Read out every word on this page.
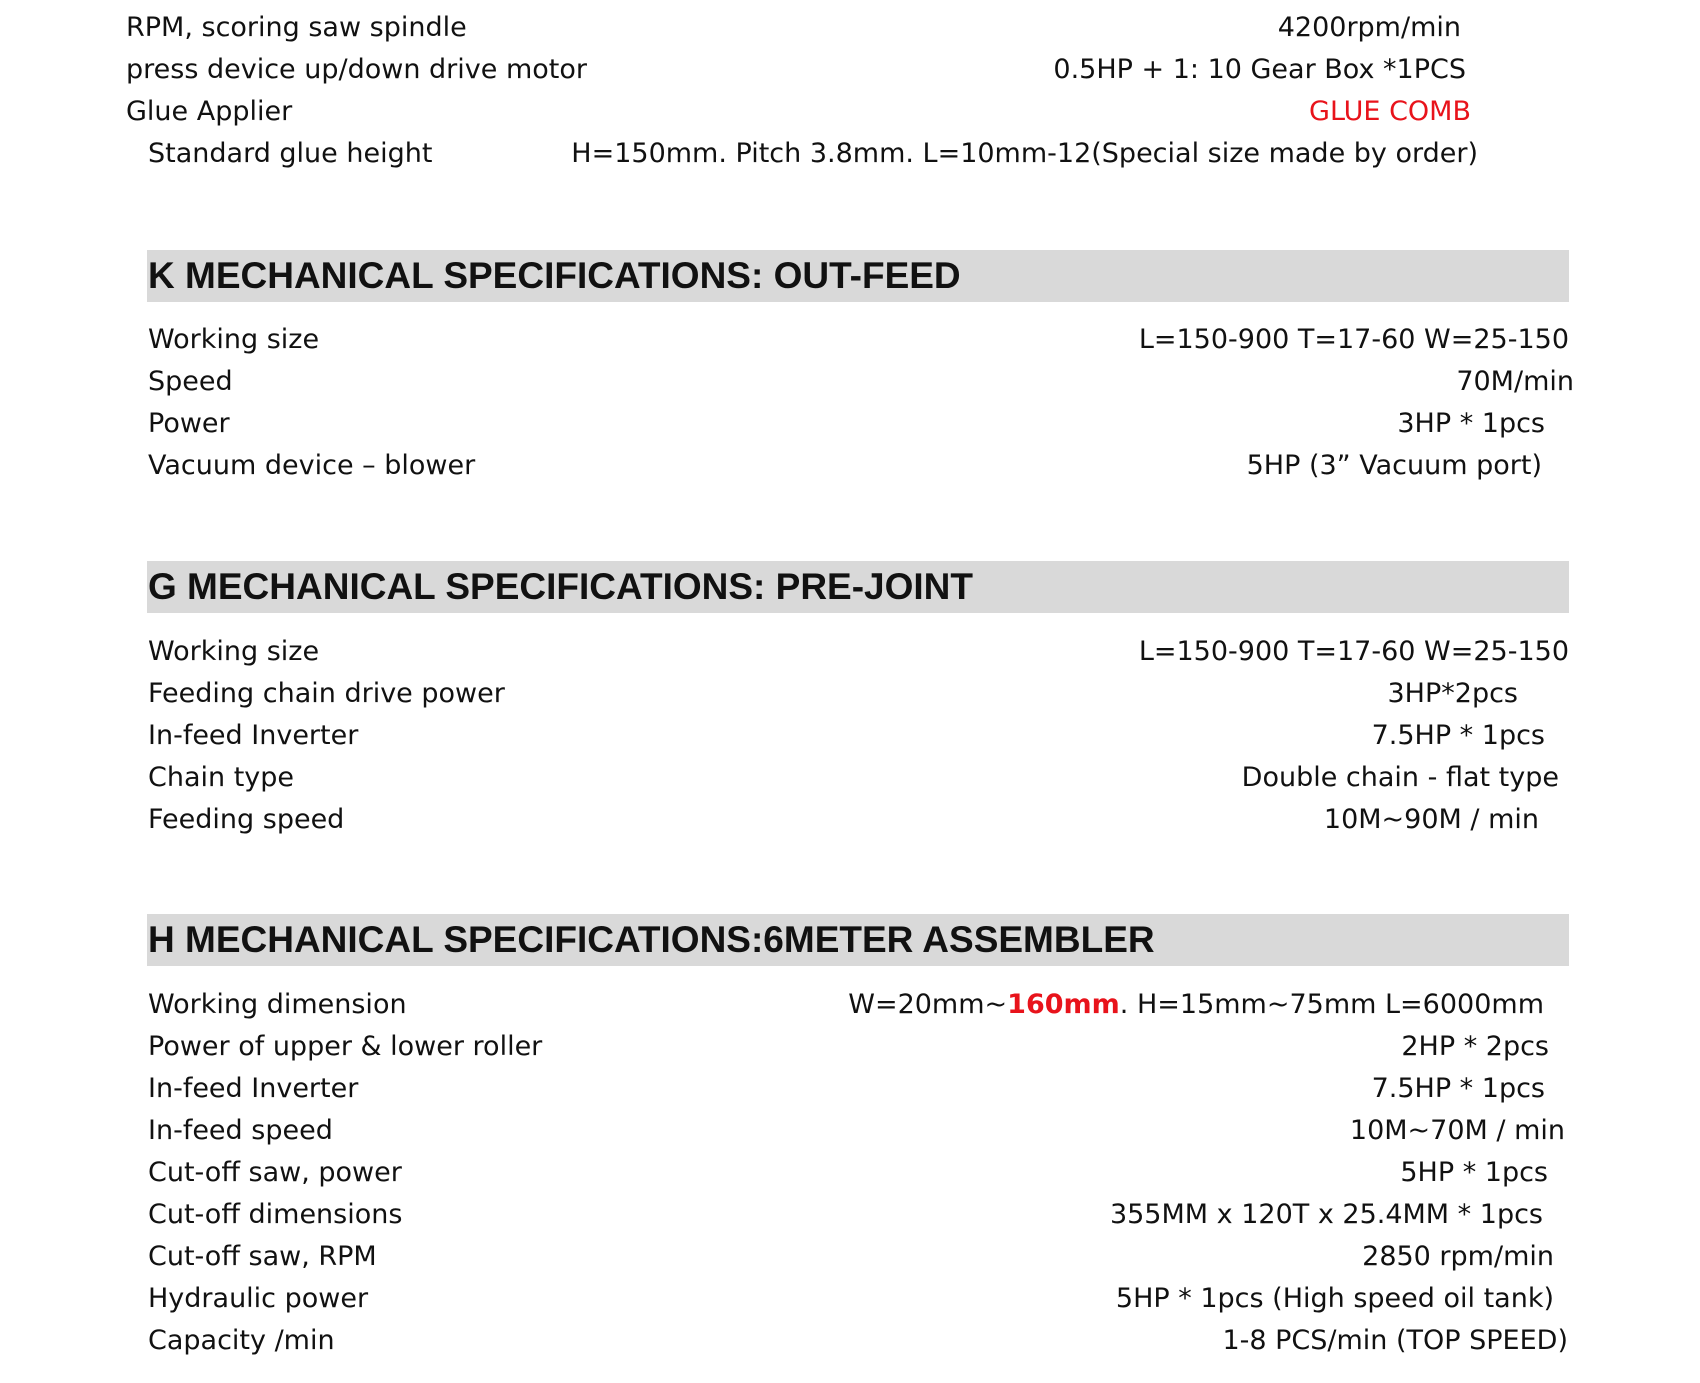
RPM, scoring saw spindle	4200rpm/min
press device up/down drive motor	0.5HP + 1: 10 Gear Box *1PCS
Glue Applier	GLUE COMB
Standard glue height	H=150mm. Pitch 3.8mm. L=10mm-12(Special size made by order)
K MECHANICAL SPECIFICATIONS: OUT-FEED
Working size	L=150-900 T=17-60 W=25-150
Speed	70M/min
Power	3HP * 1pcs
Vacuum device – blower	5HP (3” Vacuum port)
G MECHANICAL SPECIFICATIONS: PRE-JOINT
Working size	L=150-900 T=17-60 W=25-150
Feeding chain drive power	3HP*2pcs
In-feed Inverter	7.5HP * 1pcs
Chain type	Double chain - flat type
Feeding speed	10M~90M / min
H MECHANICAL SPECIFICATIONS:6METER ASSEMBLER
Working dimension	W=20mm~160mm. H=15mm~75mm L=6000mm
Power of upper & lower roller	2HP * 2pcs
In-feed Inverter	7.5HP * 1pcs
In-feed speed	10M~70M / min
Cut-off saw, power	5HP * 1pcs
Cut-off dimensions	355MM x 120T x 25.4MM * 1pcs
Cut-off saw, RPM	2850 rpm/min
Hydraulic power	5HP * 1pcs (High speed oil tank)
Capacity /min	1-8 PCS/min (TOP SPEED)
